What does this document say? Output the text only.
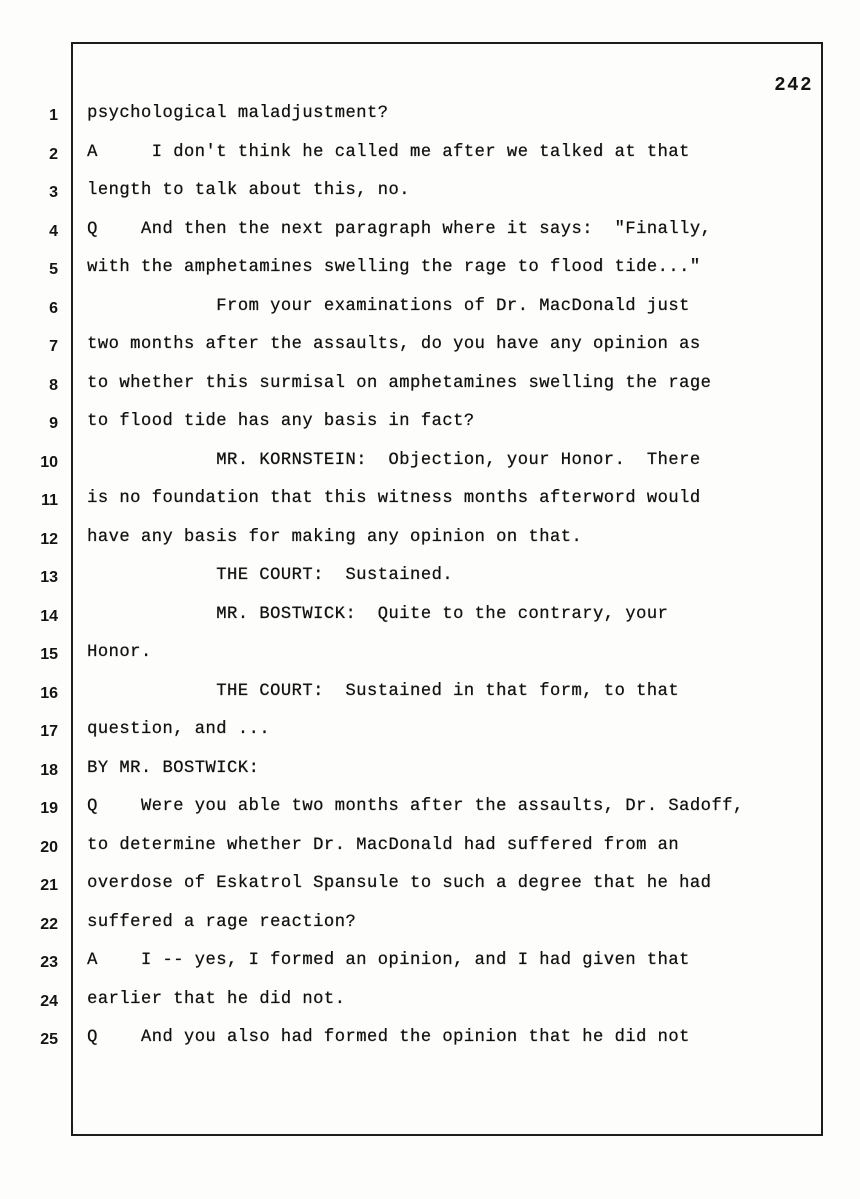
242
1 psychological maladjustment?
2 A     I don't think he called me after we talked at that
3 length to talk about this, no.
4 Q    And then the next paragraph where it says:  "Finally,
5 with the amphetamines swelling the rage to flood tide..."
6 From your examinations of Dr. MacDonald just
7 two months after the assaults, do you have any opinion as
8 to whether this surmisal on amphetamines swelling the rage
9 to flood tide has any basis in fact?
10 MR. KORNSTEIN:  Objection, your Honor.  There
11 is no foundation that this witness months afterword would
12 have any basis for making any opinion on that.
13 THE COURT:  Sustained.
14 MR. BOSTWICK:  Quite to the contrary, your
15 Honor.
16 THE COURT:  Sustained in that form, to that
17 question, and ...
18 BY MR. BOSTWICK:
19 Q    Were you able two months after the assaults, Dr. Sadoff,
20 to determine whether Dr. MacDonald had suffered from an
21 overdose of Eskatrol Spansule to such a degree that he had
22 suffered a rage reaction?
23 A    I -- yes, I formed an opinion, and I had given that
24 earlier that he did not.
25 Q    And you also had formed the opinion that he did not
